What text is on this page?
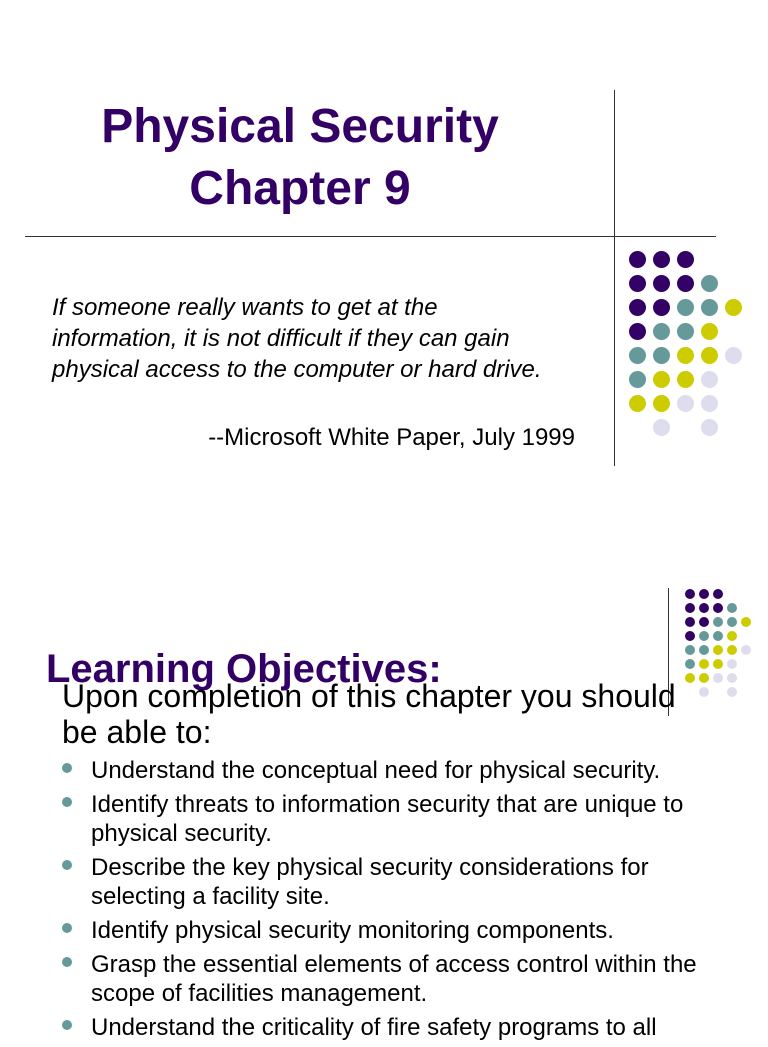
Physical Security
Chapter 9

If someone really wants to get at the information, it is not difficult if they can gain physical access to the computer or hard drive.

--Microsoft White Paper, July 1999
Learning Objectives:
Upon completion of this chapter you should be able to:
Understand the conceptual need for physical security.
Identify threats to information security that are unique to physical security.
Describe the key physical security considerations for selecting a facility site.
Identify physical security monitoring components.
Grasp the essential elements of access control within the scope of facilities management.
Understand the criticality of fire safety programs to all
